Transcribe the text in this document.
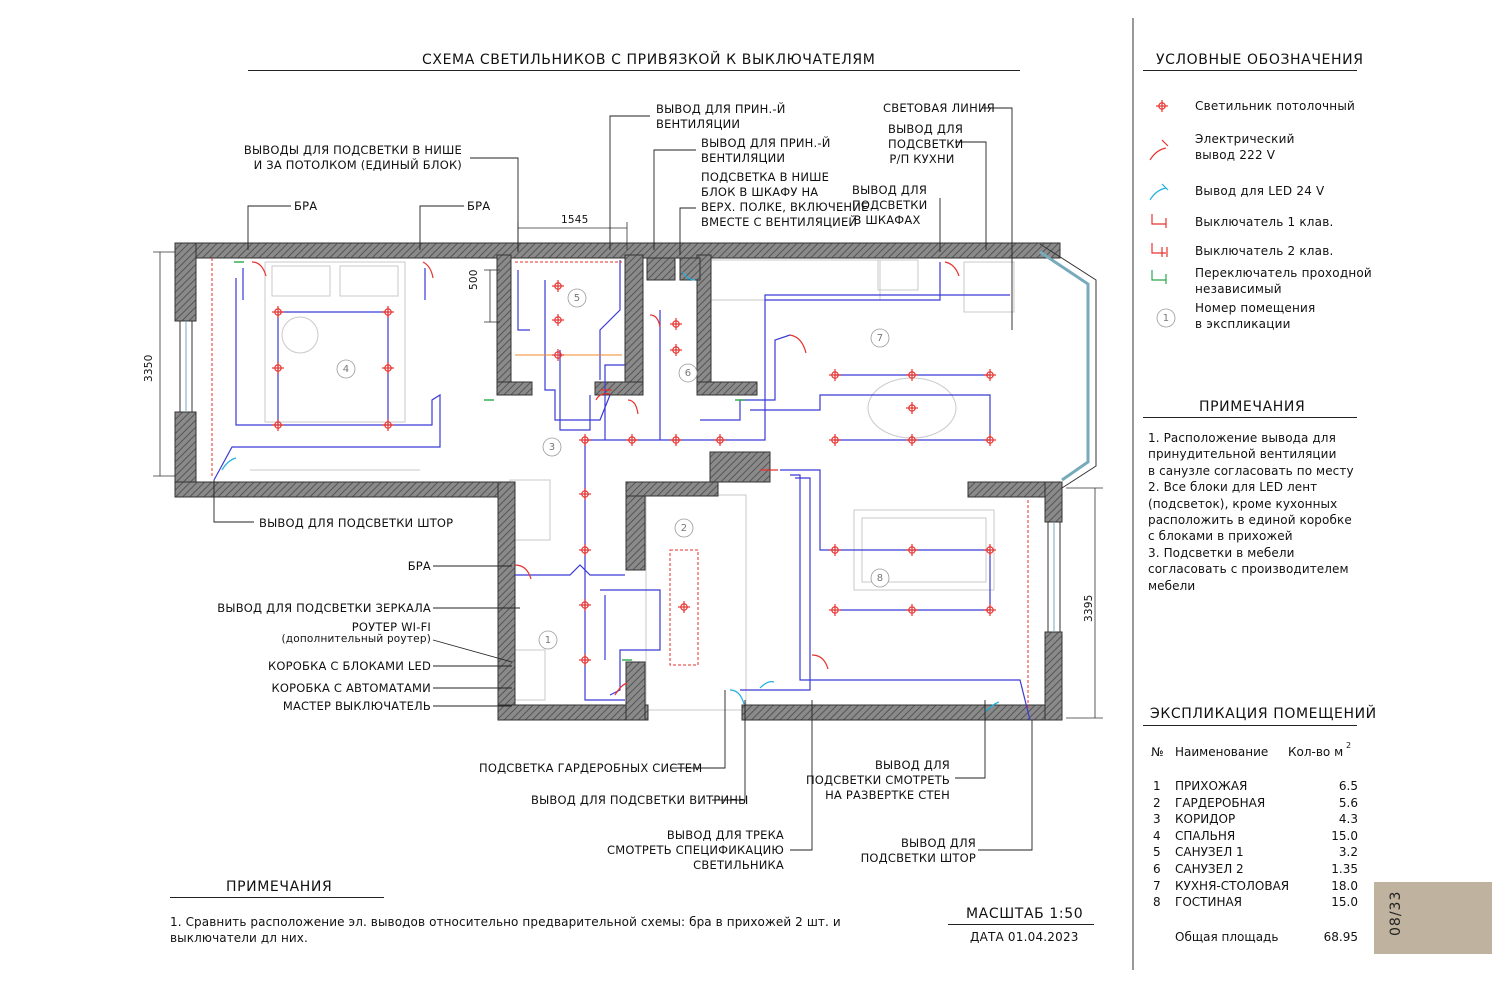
СХЕМА СВЕТИЛЬНИКОВ С ПРИВЯЗКОЙ К ВЫКЛЮЧАТЕЛЯМ
1545
500
3350
3395
ВЫВОДЫ ДЛЯ ПОДСВЕТКИ В НИШЕ
И ЗА ПОТОЛКОМ (ЕДИНЫЙ БЛОК)
БРА	БРА
ВЫВОД ДЛЯ ПРИН.-Й
ВЕНТИЛЯЦИИ
ВЫВОД ДЛЯ ПРИН.-Й
ВЕНТИЛЯЦИИ
ПОДСВЕТКА В НИШЕ
БЛОК В ШКАФУ НА
ВЕРХ. ПОЛКЕ, ВКЛЮЧЕНИЕ
ВМЕСТЕ С ВЕНТИЛЯЦИЕЙ
СВЕТОВАЯ ЛИНИЯ
ВЫВОД ДЛЯ
ПОДСВЕТКИ
Р/П КУХНИ
ВЫВОД ДЛЯ
ПОДСВЕТКИ
В ШКАФАХ
ВЫВОД ДЛЯ ПОДСВЕТКИ ШТОР
БРА
ВЫВОД ДЛЯ ПОДСВЕТКИ ЗЕРКАЛА
РОУТЕР WI-FI
(дополнительный роутер)
КОРОБКА С БЛОКАМИ LED
КОРОБКА С АВТОМАТАМИ
МАСТЕР ВЫКЛЮЧАТЕЛЬ
ПОДСВЕТКА ГАРДЕРОБНЫХ СИСТЕМ
ВЫВОД ДЛЯ ПОДСВЕТКИ ВИТРИНЫ
ВЫВОД ДЛЯ ТРЕКА
СМОТРЕТЬ СПЕЦИФИКАЦИЮ
СВЕТИЛЬНИКА
ВЫВОД ДЛЯ
ПОДСВЕТКИ СМОТРЕТЬ
НА РАЗВЕРТКЕ СТЕН
ВЫВОД ДЛЯ
ПОДСВЕТКИ ШТОР
1
2
3
4
5
6
7
8
ПРИМЕЧАНИЯ
1. Сравнить расположение эл. выводов относительно предварительной схемы: бра в прихожей 2 шт. и
выключатели дл них.
МАСШТАБ 1:50
ДАТА 01.04.2023
УСЛОВНЫЕ ОБОЗНАЧЕНИЯ
Светильник потолочный
Электрический
вывод 222 V
Вывод для LED 24 V
Выключатель 1 клав.
Выключатель 2 клав.
Переключатель проходной
независимый
Номер помещения
в экспликации
1
ПРИМЕЧАНИЯ
1. Расположение вывода для
принудительной вентиляции
в санузле согласовать по месту
2. Все блоки для LED лент
(подсветок), кроме кухонных
расположить в единой коробке
с блоками в прихожей
3. Подсветки в мебели
согласовать с производителем
мебели
ЭКСПЛИКАЦИЯ ПОМЕЩЕНИЙ
№ Наименование Кол-во м 2
1 ПРИХОЖАЯ	6.5
2 ГАРДЕРОБНАЯ	5.6
3 КОРИДОР	4.3
4 СПАЛЬНЯ	15.0
5 САНУЗЕЛ 1	3.2
6 САНУЗЕЛ 2	1.35
7 КУХНЯ-СТОЛОВАЯ	18.0
8 ГОСТИНАЯ	15.0
Общая площадь	68.95
08/33
